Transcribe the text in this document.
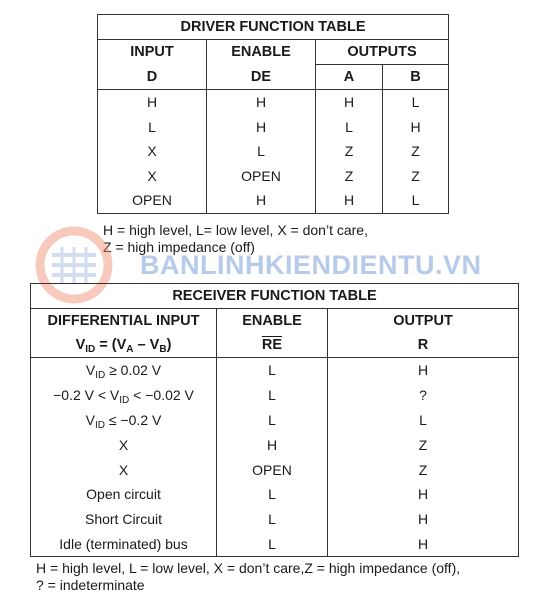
DRIVER FUNCTION TABLE			
INPUT	ENABLE	OUTPUTS	
D	DE	A	B
H	H	H	L
L	H	L	H
X	L	Z	Z
X	OPEN	Z	Z
OPEN	H	H	L
H = high level, L= low level, X = don’t care,
Z = high impedance (off)
BANLINHKIENDIENTU.VN
RECEIVER FUNCTION TABLE		
DIFFERENTIAL INPUT	ENABLE	OUTPUT
$V_{ID} = (V_A - V_B)$	$\overline{RE}$	R
$V_{ID} \ge 0.02$ V	L	H
−0.2 $V < V_{ID} < -0.02$ V	L	?
$V_{ID} \le -0.2$ V	L	L
X	H	Z
X	OPEN	Z
Open circuit	L	H
Short Circuit	L	H
Idle (terminated) bus	L	H
H = high level, L = low level, X = don’t care,Z = high impedance (off),
? = indeterminate
